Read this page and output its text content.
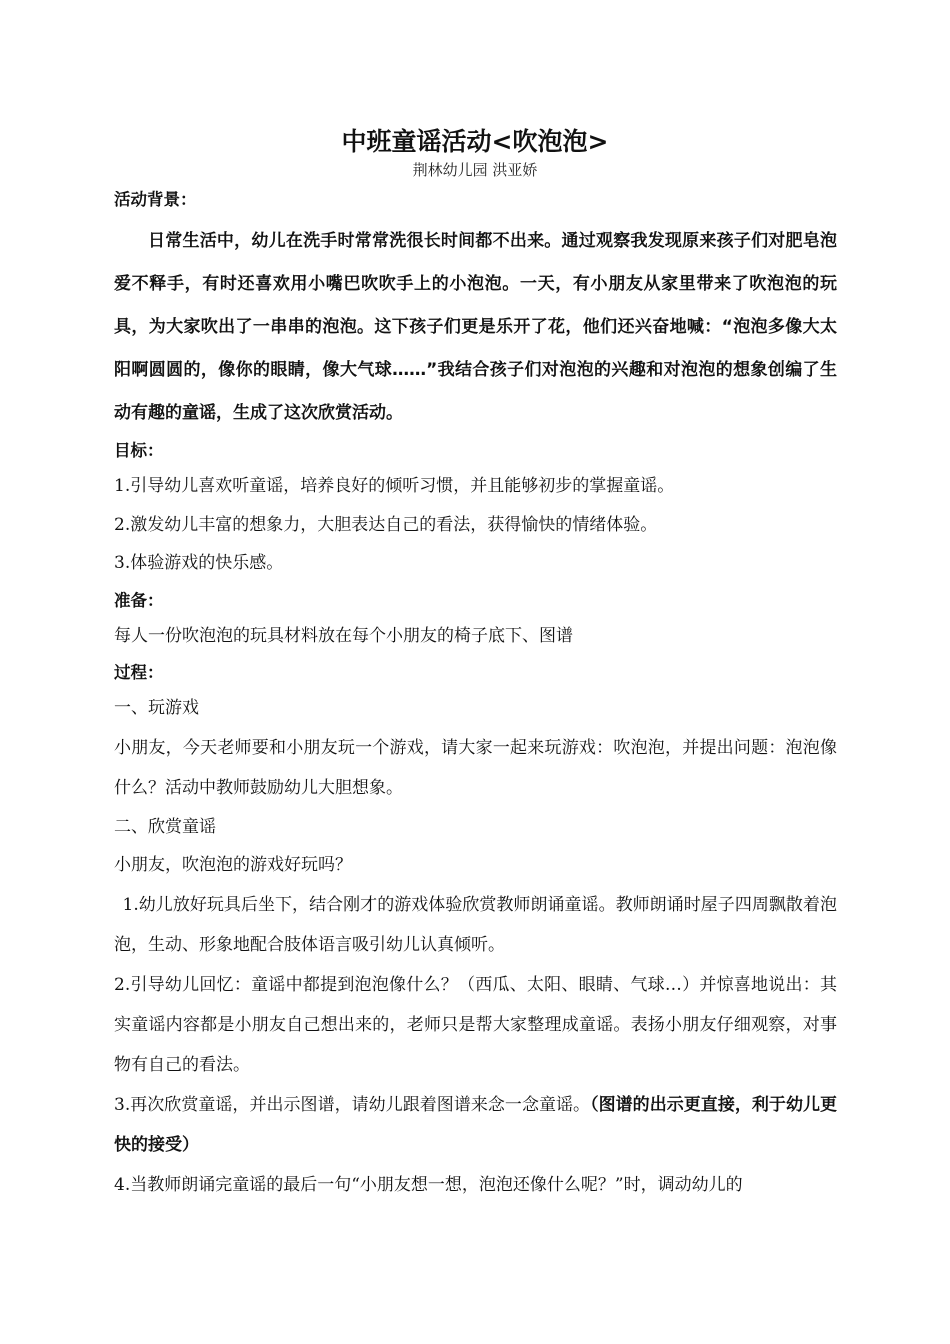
中班童谣活动<吹泡泡>
荆林幼儿园 洪亚娇
活动背景：
日常生活中，幼儿在洗手时常常洗很长时间都不出来。通过观察我发现原来孩子们对肥皂泡爱不释手，有时还喜欢用小嘴巴吹吹手上的小泡泡。一天，有小朋友从家里带来了吹泡泡的玩具，为大家吹出了一串串的泡泡。这下孩子们更是乐开了花，他们还兴奋地喊：“泡泡多像大太阳啊圆圆的，像你的眼睛，像大气球……”我结合孩子们对泡泡的兴趣和对泡泡的想象创编了生动有趣的童谣，生成了这次欣赏活动。
目标：
1.引导幼儿喜欢听童谣，培养良好的倾听习惯，并且能够初步的掌握童谣。
2.激发幼儿丰富的想象力，大胆表达自己的看法，获得愉快的情绪体验。
3.体验游戏的快乐感。
准备：
每人一份吹泡泡的玩具材料放在每个小朋友的椅子底下、图谱
过程：
一、玩游戏
小朋友，今天老师要和小朋友玩一个游戏，请大家一起来玩游戏：吹泡泡，并提出问题：泡泡像什么？活动中教师鼓励幼儿大胆想象。
二、欣赏童谣
小朋友，吹泡泡的游戏好玩吗？
1.幼儿放好玩具后坐下，结合刚才的游戏体验欣赏教师朗诵童谣。教师朗诵时屋子四周飘散着泡泡，生动、形象地配合肢体语言吸引幼儿认真倾听。
2.引导幼儿回忆：童谣中都提到泡泡像什么？（西瓜、太阳、眼睛、气球…）并惊喜地说出：其实童谣内容都是小朋友自己想出来的，老师只是帮大家整理成童谣。表扬小朋友仔细观察，对事物有自己的看法。
3.再次欣赏童谣，并出示图谱，请幼儿跟着图谱来念一念童谣。（图谱的出示更直接，利于幼儿更快的接受）
4.当教师朗诵完童谣的最后一句“小朋友想一想，泡泡还像什么呢？”时，调动幼儿的
